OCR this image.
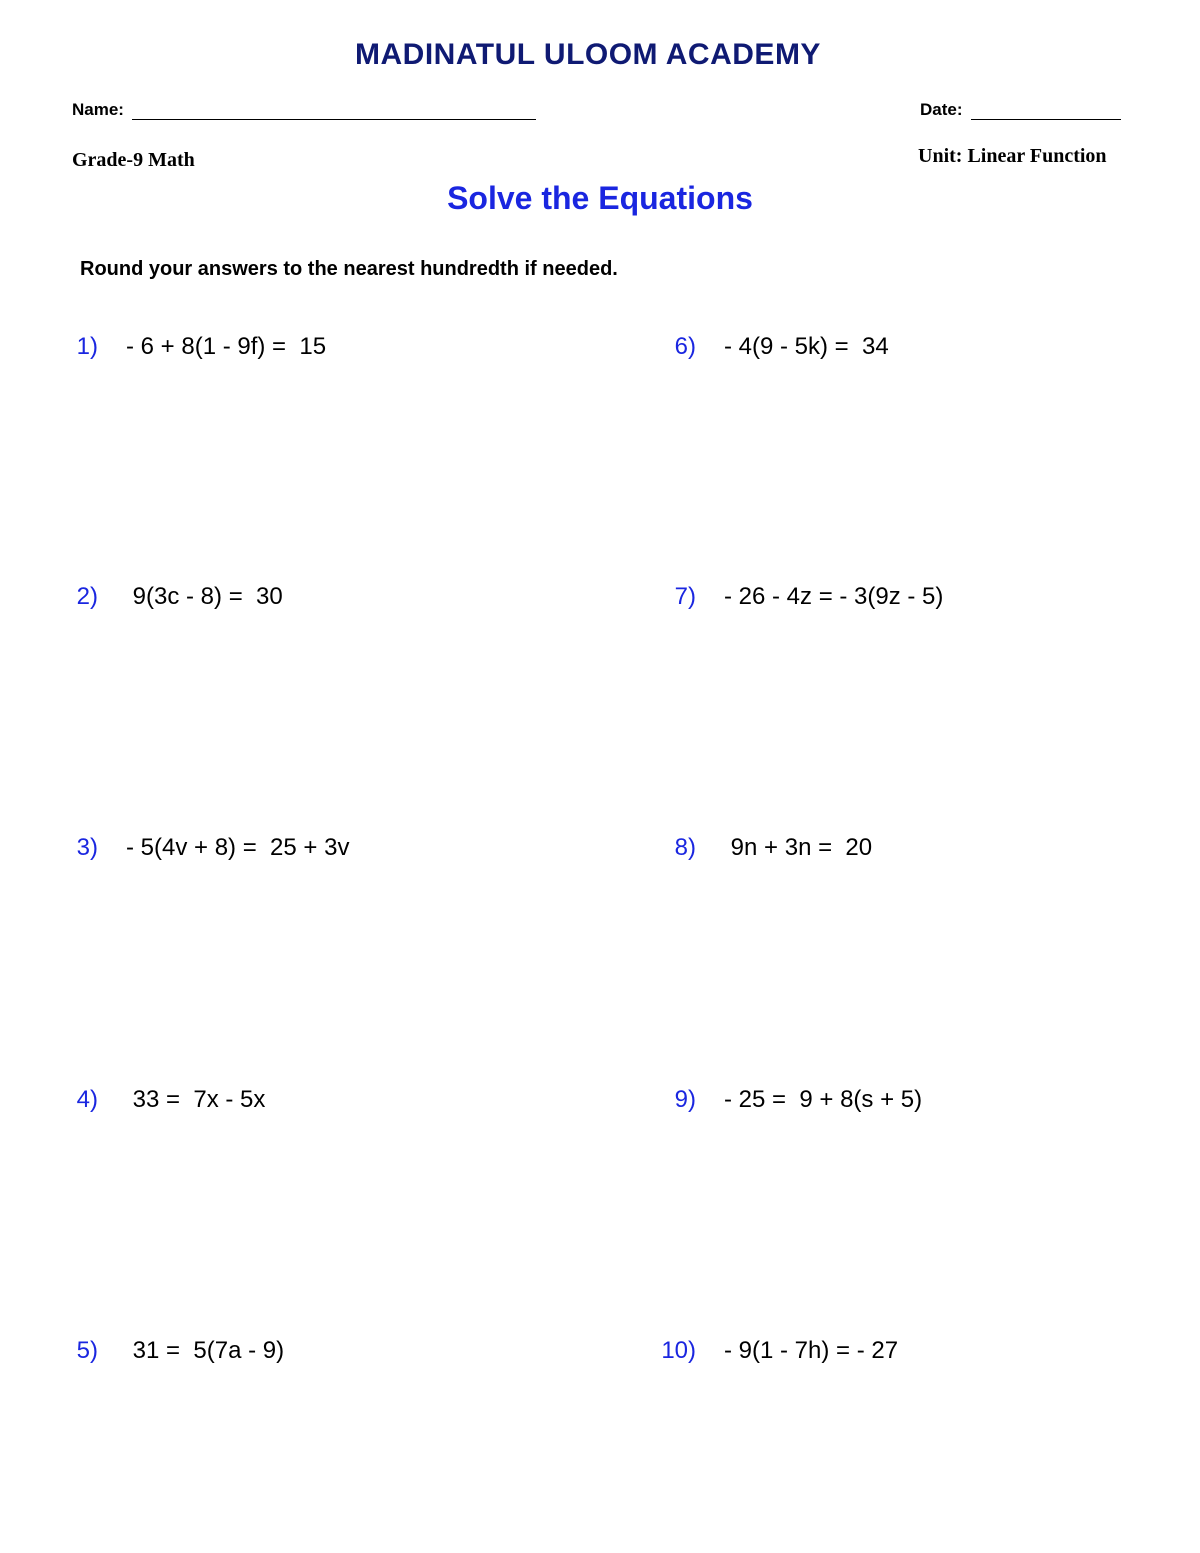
MADINATUL ULOOM ACADEMY
Name:	Date:
Grade-9 Math	Unit: Linear Function
Solve the Equations
Round your answers to the nearest hundredth if needed.
1) - 6 + 8(1 - 9f) =  15
2) 9(3c - 8) =  30
3) - 5(4v + 8) =  25 + 3v
4) 33 =  7x - 5x
5) 31 =  5(7a - 9)
6) - 4(9 - 5k) =  34
7) - 26 - 4z = - 3(9z - 5)
8) 9n + 3n =  20
9) - 25 =  9 + 8(s + 5)
10) - 9(1 - 7h) = - 27
